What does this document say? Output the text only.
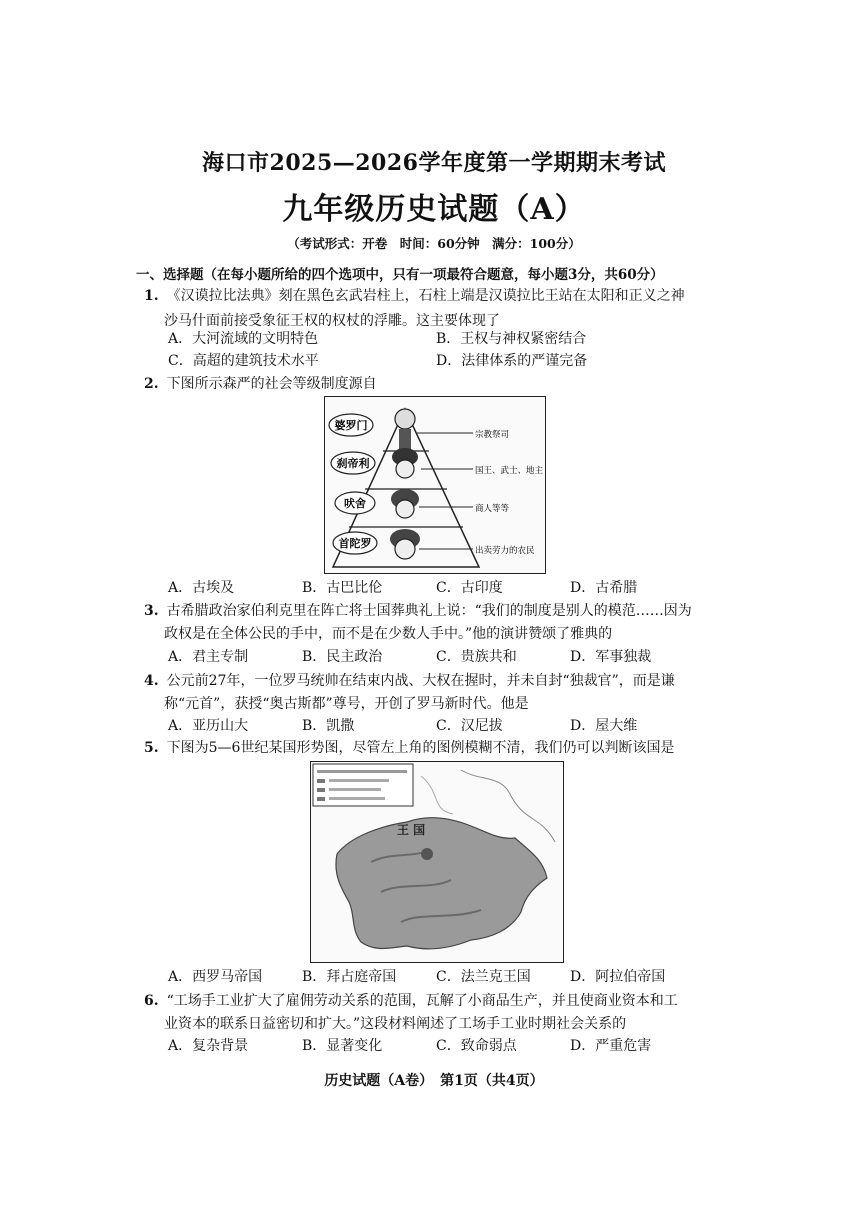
海口市2025—2026学年度第一学期期末考试
九年级历史试题（A）
（考试形式：开卷　时间：60分钟　满分：100分）
一、选择题（在每小题所给的四个选项中，只有一项最符合题意，每小题3分，共60分）
1. 《汉谟拉比法典》刻在黑色玄武岩柱上，石柱上端是汉谟拉比王站在太阳和正义之神
沙马什面前接受象征王权的权杖的浮雕。这主要体现了
A．大河流域的文明特色	B．王权与神权紧密结合
C．高超的建筑技术水平	D．法律体系的严谨完备
2. 下图所示森严的社会等级制度源自
婆罗门
刹帝利
吠舍
首陀罗
宗教祭司
国王、武士、地主
商人等等
出卖劳力的农民
A．古埃及	B．古巴比伦	C．古印度	D．古希腊
3. 古希腊政治家伯利克里在阵亡将士国葬典礼上说：“我们的制度是别人的模范……因为
政权是在全体公民的手中，而不是在少数人手中。”他的演讲赞颂了雅典的
A．君主专制	B．民主政治	C．贵族共和	D．军事独裁
4. 公元前27年，一位罗马统帅在结束内战、大权在握时，并未自封“独裁官”，而是谦
称“元首”，获授“奥古斯都”尊号，开创了罗马新时代。他是
A．亚历山大	B．凯撒	C．汉尼拔	D．屋大维
5. 下图为5—6世纪某国形势图，尽管左上角的图例模糊不清，我们仍可以判断该国是
王 国
A．西罗马帝国	B．拜占庭帝国	C．法兰克王国	D．阿拉伯帝国
6. “工场手工业扩大了雇佣劳动关系的范围，瓦解了小商品生产，并且使商业资本和工
业资本的联系日益密切和扩大。”这段材料阐述了工场手工业时期社会关系的
A．复杂背景	B．显著变化	C．致命弱点	D．严重危害
历史试题（A卷）　第1页（共4页）
